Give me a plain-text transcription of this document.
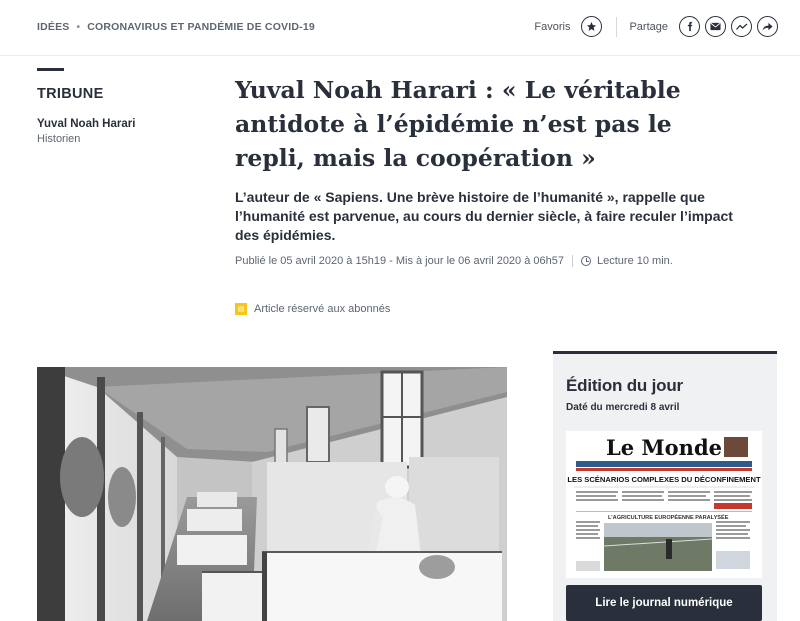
IDÉES • CORONAVIRUS ET PANDÉMIE DE COVID-19	Favoris	Partage
TRIBUNE
Yuval Noah Harari
Historien
Yuval Noah Harari : « Le véritable antidote à l’épidémie n’est pas le repli, mais la coopération »

L’auteur de « Sapiens. Une brève histoire de l’humanité », rappelle que l’humanité est parvenue, au cours du dernier siècle, à faire reculer l’impact des épidémies.

Publié le 05 avril 2020 à 15h19 - Mis à jour le 06 avril 2020 à 06h57	Lecture 10 min.
▤ Article réservé aux abonnés
Édition du jour
Daté du mercredi 8 avril
Le Monde
LES SCÉNARIOS COMPLEXES DU DÉCONFINEMENT
L’AGRICULTURE EUROPÉENNE PARALYSÉE
Lire le journal numérique
